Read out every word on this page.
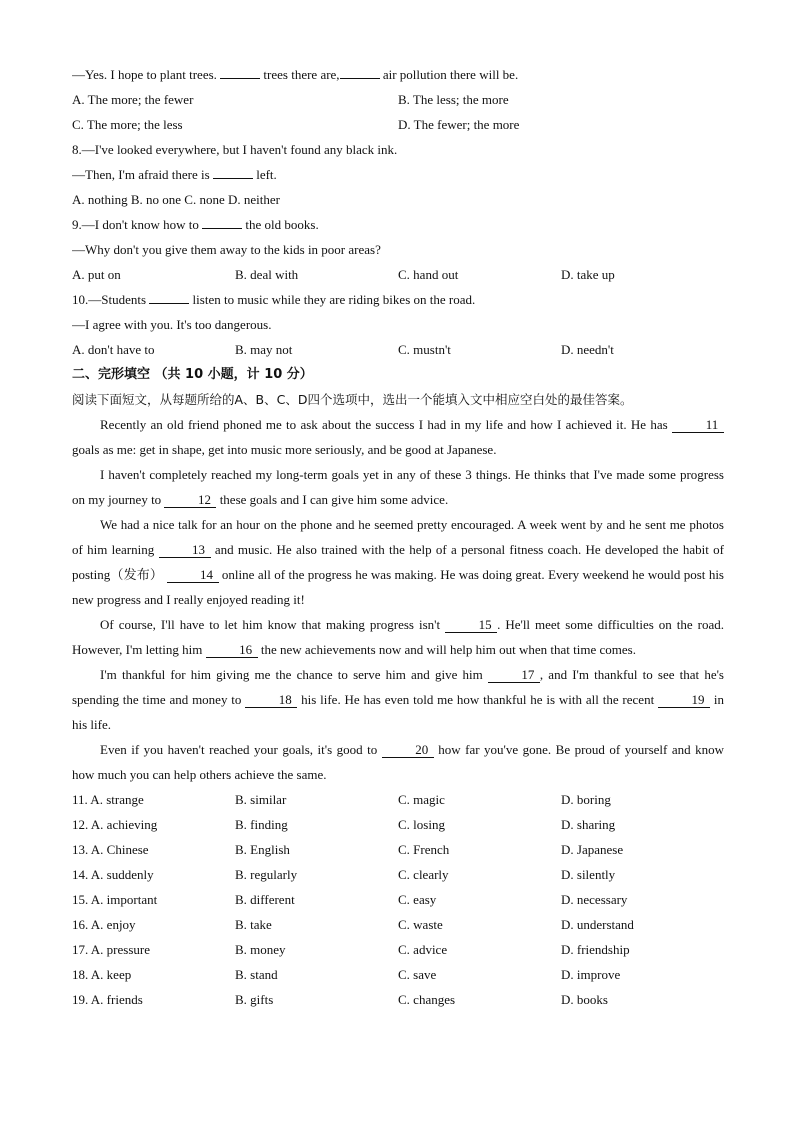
—Yes. I hope to plant trees.	trees there are,	air pollution there will be.
A. The more; the fewer	B. The less; the more
C. The more; the less	D. The fewer; the more
8.—I've looked everywhere, but I haven't found any black ink.
—Then, I'm afraid there is	left.
A. nothing B. no one C. none D. neither
9.—I don't know how to	the old books.
—Why don't you give them away to the kids in poor areas?
A. put on	B. deal with	C. hand out	D. take up
10.—Students	listen to music while they are riding bikes on the road.
—I agree with you. It's too dangerous.
A. don't have to	B. may not	C. mustn't	D. needn't
二、完形填空 （共 10 小题，计 10 分）
阅读下面短文，从每题所给的A、B、C、D四个选项中，选出一个能填入文中相应空白处的最佳答案。
Recently an old friend phoned me to ask about the success I had in my life and how I achieved it. He has	11 goals as me: get in shape, get into music more seriously, and be good at Japanese.
I haven't completely reached my long-term goals yet in any of these 3 things. He thinks that I've made some progress on my journey to	12 these goals and I can give him some advice.
We had a nice talk for an hour on the phone and he seemed pretty encouraged. A week went by and he sent me photos of him learning	13 and music. He also trained with the help of a personal fitness coach. He developed the habit of posting（发布）	14 online all of the progress he was making. He was doing great. Every weekend he would post his new progress and I really enjoyed reading it!
Of course, I'll have to let him know that making progress isn't	15 . He'll meet some difficulties on the road. However, I'm letting him	16 the new achievements now and will help him out when that time comes.
I'm thankful for him giving me the chance to serve him and give him	17 , and I'm thankful to see that he's spending the time and money to	18 his life. He has even told me how thankful he is with all the recent	19 in his life.
Even if you haven't reached your goals, it's good to	20 how far you've gone. Be proud of yourself and know how much you can help others achieve the same.
11. A. strange	B. similar	C. magic	D. boring
12. A. achieving	B. finding	C. losing	D. sharing
13. A. Chinese	B. English	C. French	D. Japanese
14. A. suddenly	B. regularly	C. clearly	D. silently
15. A. important	B. different	C. easy	D. necessary
16. A. enjoy	B. take	C. waste	D. understand
17. A. pressure	B. money	C. advice	D. friendship
18. A. keep	B. stand	C. save	D. improve
19. A. friends	B. gifts	C. changes	D. books
